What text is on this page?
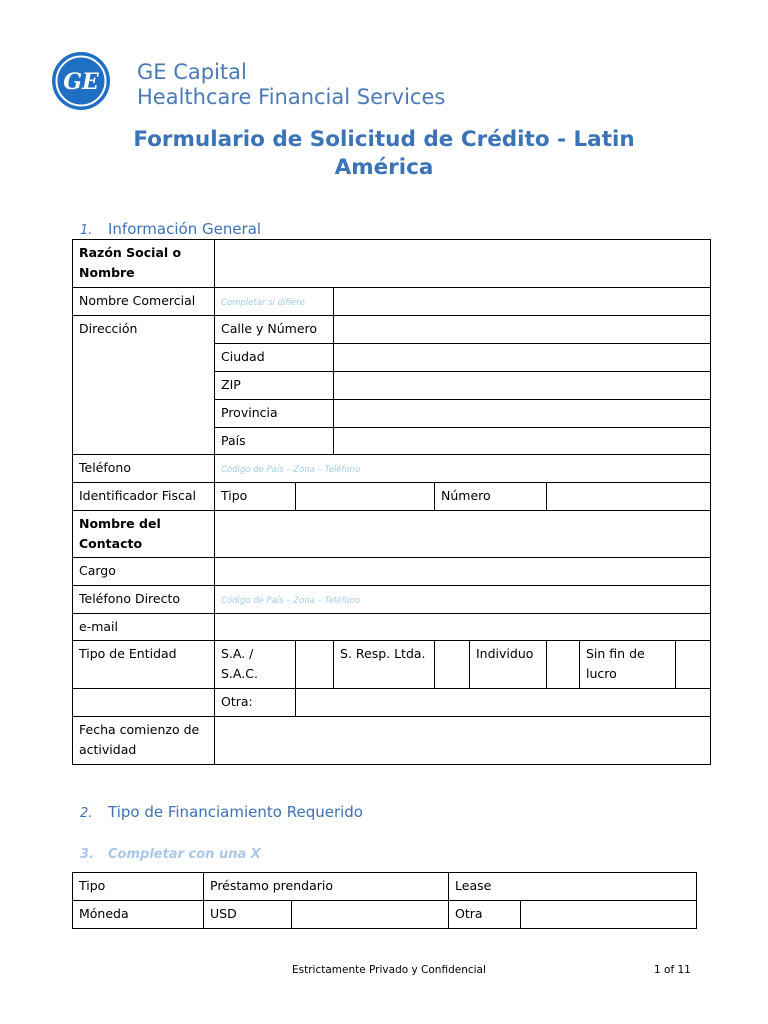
GE GE Capital
Healthcare Financial Services
Formulario de Solicitud de Crédito - Latin América
1. Información General
Razón Social o Nombre								
Nombre Comercial	Completar si difiere							
Dirección	Calle y Número							
	Ciudad							
	ZIP							
	Provincia							
	País							
Teléfono	Código de País – Zona – Teléfono							
Identificador Fiscal	Tipo			Número				
Nombre del Contacto								
Cargo								
Teléfono Directo	Código de País – Zona – Teléfono							
e-mail								
Tipo de Entidad	S.A. / S.A.C.		S. Resp. Ltda.		Individuo		Sin fin de lucro	
	Otra:							
Fecha comienzo de actividad								
2. Tipo de Financiamiento Requerido
3. Completar con una X
Tipo	Préstamo prendario		Lease	
Móneda	USD		Otra	
Estrictamente Privado y Confidencial	1 of 11
